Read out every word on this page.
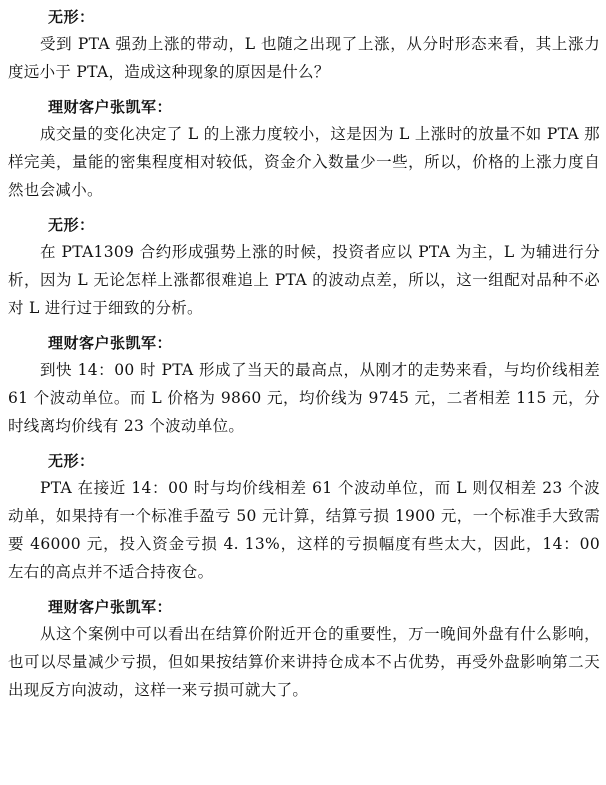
无形：

受到 PTA 强劲上涨的带动，L 也随之出现了上涨，从分时形态来看，其上涨力度远小于 PTA，造成这种现象的原因是什么？

理财客户张凯军：

成交量的变化决定了 L 的上涨力度较小，这是因为 L 上涨时的放量不如 PTA 那样完美，量能的密集程度相对较低，资金介入数量少一些，所以，价格的上涨力度自然也会减小。

无形：

在 PTA1309 合约形成强势上涨的时候，投资者应以 PTA 为主，L 为辅进行分析，因为 L 无论怎样上涨都很难追上 PTA 的波动点差，所以，这一组配对品种不必对 L 进行过于细致的分析。

理财客户张凯军：

到快 14：00 时 PTA 形成了当天的最高点，从刚才的走势来看，与均价线相差 61 个波动单位。而 L 价格为 9860 元，均价线为 9745 元，二者相差 115 元，分时线离均价线有 23 个波动单位。

无形：

PTA 在接近 14：00 时与均价线相差 61 个波动单位，而 L 则仅相差 23 个波动单，如果持有一个标准手盈亏 50 元计算，结算亏损 1900 元，一个标准手大致需要 46000 元，投入资金亏损 4. 13%，这样的亏损幅度有些太大，因此，14：00 左右的高点并不适合持夜仓。

理财客户张凯军：

从这个案例中可以看出在结算价附近开仓的重要性，万一晚间外盘有什么影响，也可以尽量减少亏损，但如果按结算价来讲持仓成本不占优势，再受外盘影响第二天出现反方向波动，这样一来亏损可就大了。
